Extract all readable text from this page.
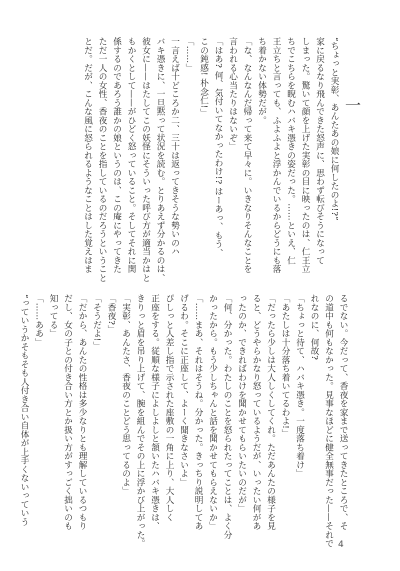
一
“ちょっと実彰、あんたあの娘に何したのよ!?”
家に戻るなり飛んできた怒声に、思わず転びそうになって
しまった。驚いて顔を上げた実彰の目に映ったのは、仁王立
ちでこちらを睨むハバキ憑きの姿だった。……といえ、仁
王立ちと言っても、ふよふよと浮かんでいるからどうにも落
ち着かない体勢だが。
「な、なんなんだ帰って来て早々に。いきなりそんなことを
言われる心当たりはないぞ」
「はあ? 何、気付いてなかったわけ!? はーあっ、もう、
この鈍感! 朴念仁!」
「……」
一言えば十どころか二、三十は返ってきそうな勢いのハ
バキ憑きに、一旦黙って状況を読む。とりあえず分かるのは、
彼女に——はたしてこの妖怪にそういった呼び方が適当かはと
もかくとして——がひどく怒っていること。そしてそれに関
係するのであろう誰かの娘というのは、この庵にやってきた
ただ一人の女性、香夜のことを指しているのだろうということ
とだ。だが、こんな風に怒られるようなことはした覚えはま
るでない。今だって、香夜を家まで送ってきたところで、そ
の道中も何もなかった。見事なほどに健全無事だった——それで
れなのに、何故?
「ちょっと待て、ハバキ憑き。一度落ち着け」
「あたしは十分落ち着いてるわよ!」
「だったら少しは大人しくしてくれ。ただあんたの様子を見
ると、どうやらかなり怒っているようだが、いったい何があ
ったのか、できればわけを聞かせてもらいたいのだが」
「何、分かった。わたしのことを怒られたってことは、よく分
かったから。もう少しちゃんと話を聞かせてもらえないか」
「……まあ、それはそうね。分かった。きっちり説明してあ
げるわ。そこに正座して、よーく聞きなさいよ」
ぴしっと人差し指で示された座敷の一角に上り、大人しく
正座をする。従順な様子によしよしと頷いたハバキ憑きは、
きりっと眉を吊り上げて、腕を組んでその上に浮かび上がった。
「実彰、あんたさ、香夜のことどう思ってるのよ」
「香夜?」
「そうだよ!」
「だから、あんたの性格は多少なりとも理解しているつもり
だし、女の子との付き合い方とか扱い方がすっごく拙いのも
知ってる」
「……ああ」
“っていうかそもそも人付き合い自体が上手くないっていう
4
